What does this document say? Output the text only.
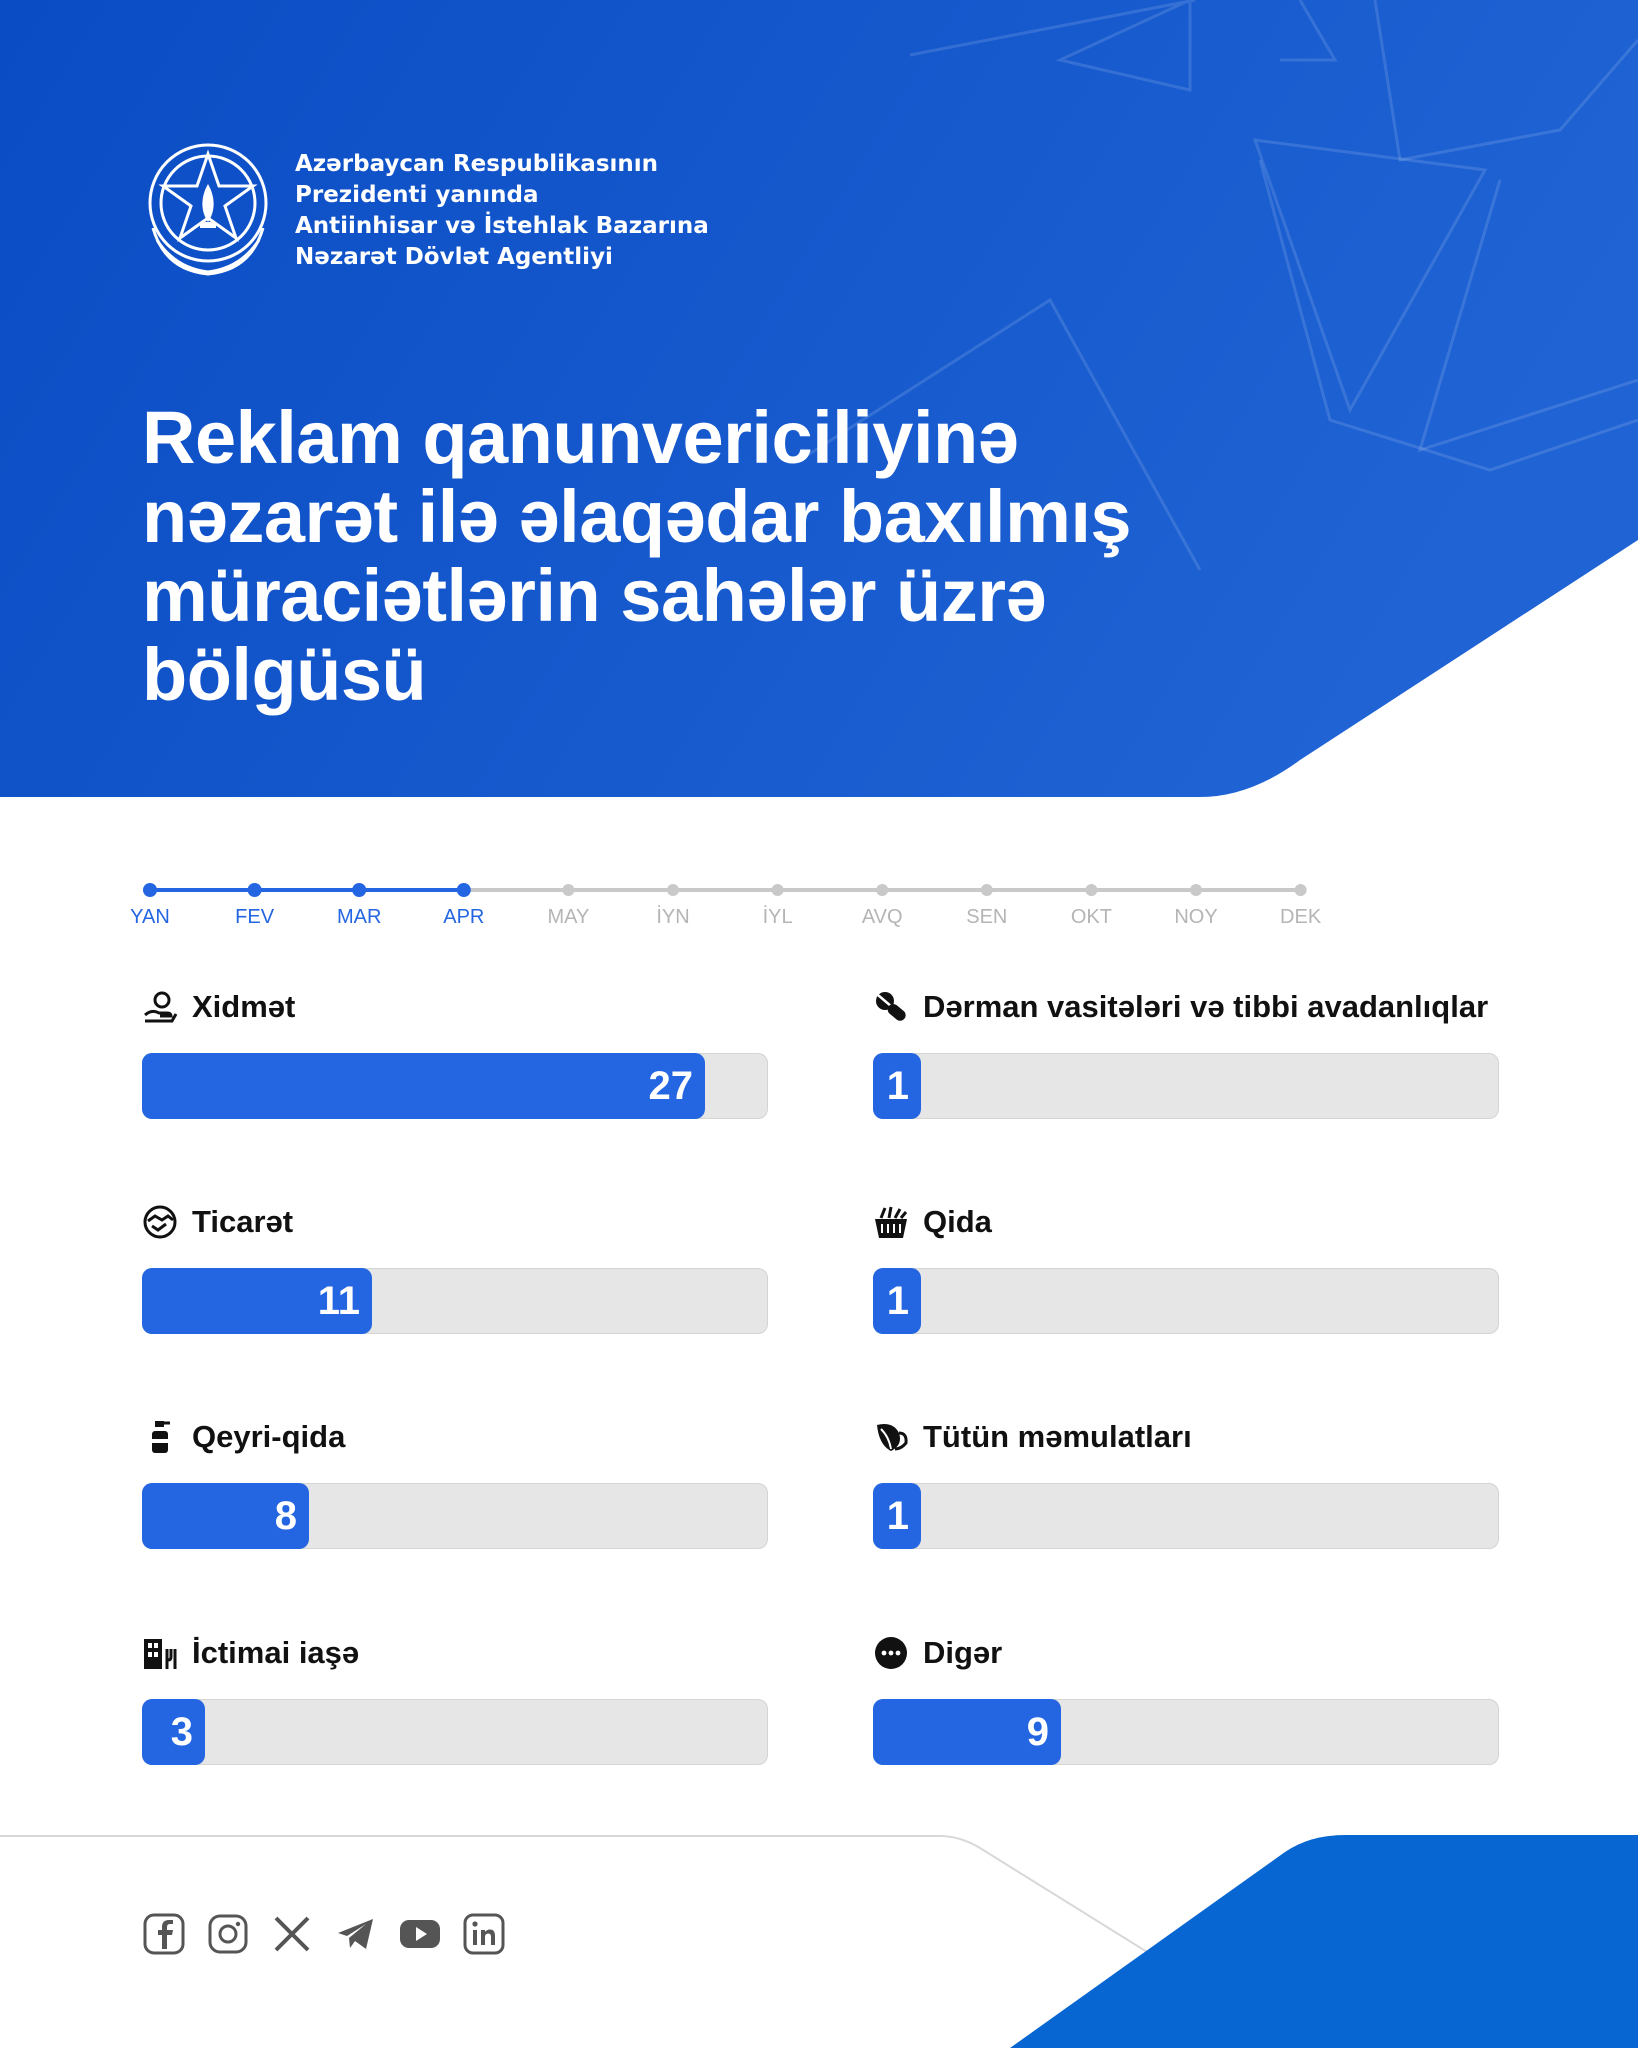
Azərbaycan Respublikasının
Prezidenti yanında
Antiinhisar və İstehlak Bazarına
Nəzarət Dövlət Agentliyi
Reklam qanunvericiliyinə
nəzarət ilə əlaqədar baxılmış
müraciətlərin sahələr üzrə
bölgüsü
YAN	FEV	MAR	APR	MAY	İYN	İYL	AVQ	SEN	OKT	NOY	DEK
Xidmət
27
Ticarət
11
Qeyri-qida
8
İctimai iaşə
3
Dərman vasitələri və tibbi avadanlıqlar
1
Qida
1
Tütün məmulatları
1
Digər
9
